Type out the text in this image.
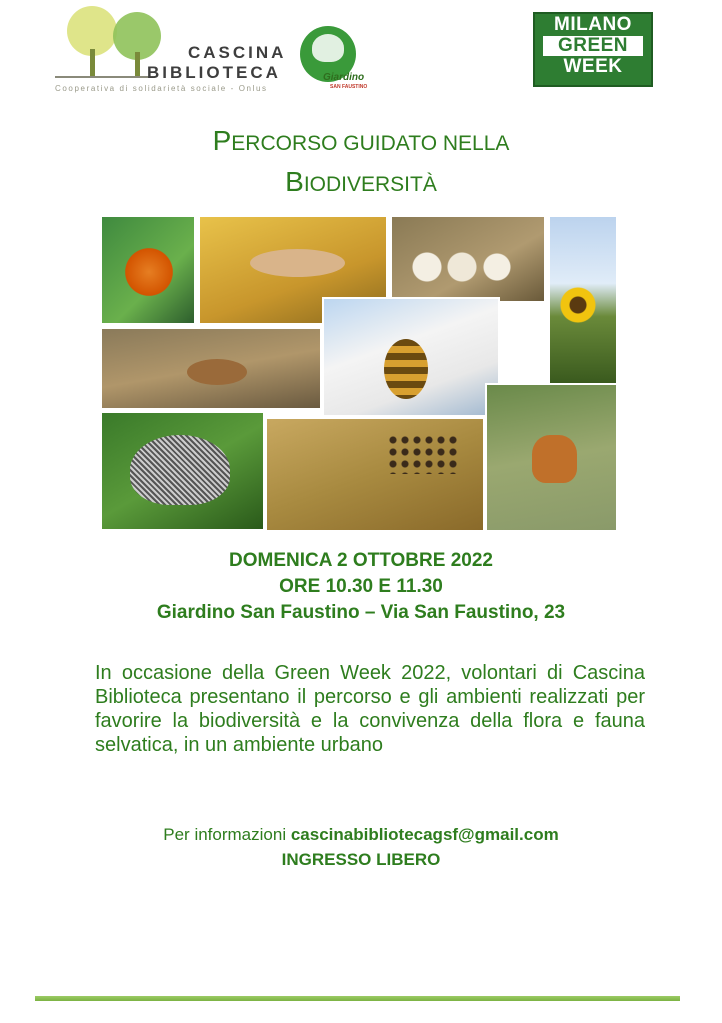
CASCINA
BIBLIOTECA
Cooperativa di solidarietà sociale - Onlus
Giardino
SAN FAUSTINO
MILANO
GREEN
WEEK
PERCORSO GUIDATO NELLA
BIODIVERSITÀ
DOMENICA 2 OTTOBRE 2022
ORE 10.30 E 11.30
Giardino San Faustino – Via San Faustino, 23
In occasione della Green Week 2022, volontari di Cascina Biblioteca presentano il percorso e gli ambienti realizzati per favorire la biodiversità e la convivenza della flora e fauna selvatica, in un ambiente urbano
Per informazioni cascinabibliotecagsf@gmail.com
INGRESSO LIBERO
